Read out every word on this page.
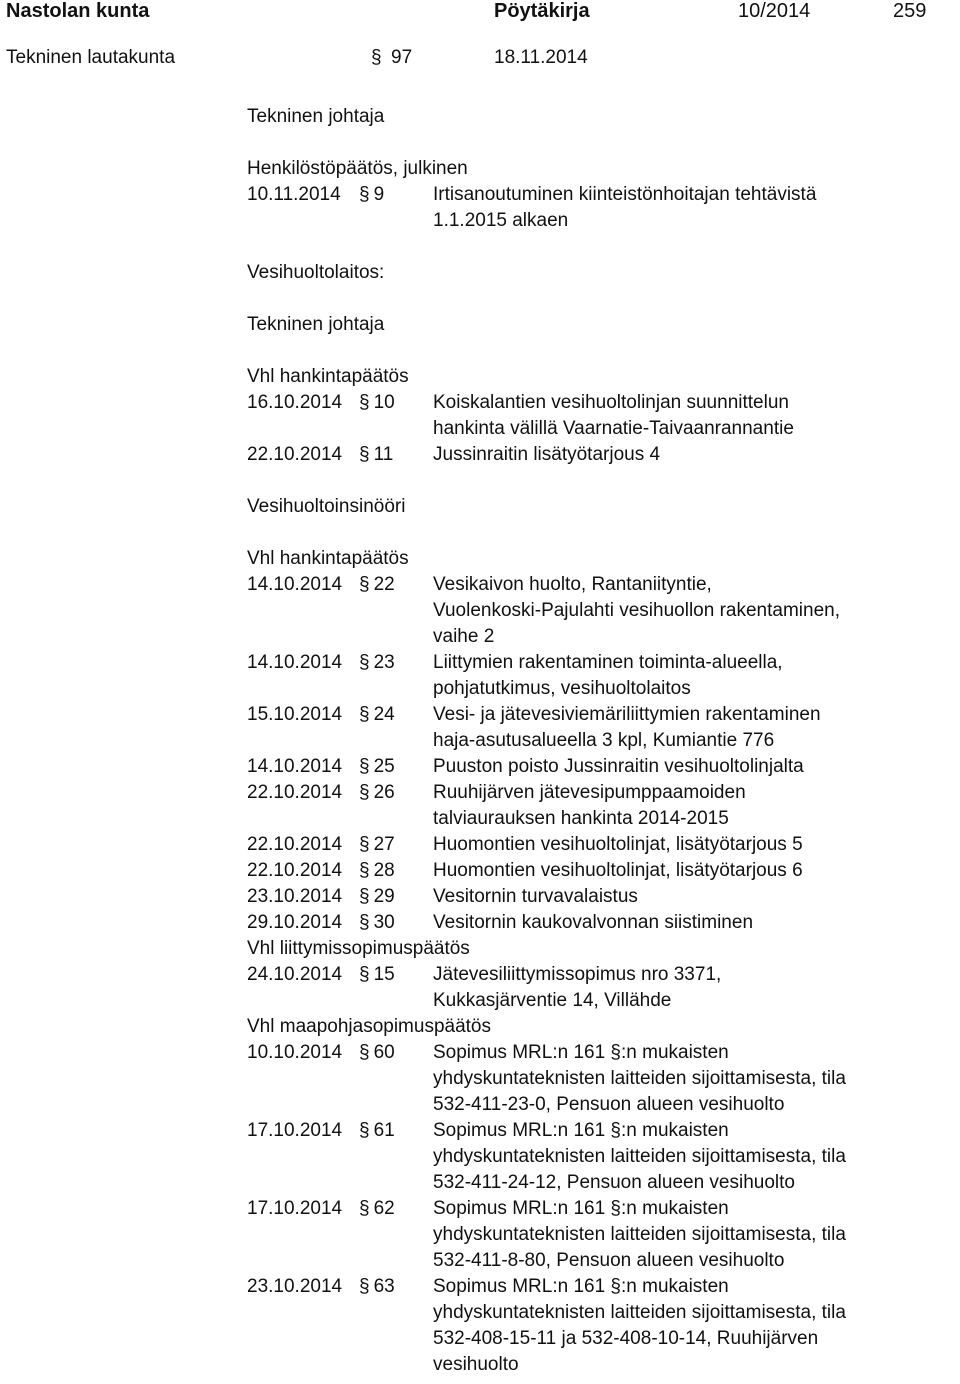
Nastolan kunta	Pöytäkirja	10/2014	259
Tekninen lautakunta	§ 97	18.11.2014
Tekninen johtaja
Henkilöstöpäätös, julkinen
10.11.2014 § 9	Irtisanoutuminen kiinteistönhoitajan tehtävistä
1.1.2015 alkaen
Vesihuoltolaitos:
Tekninen johtaja
Vhl hankintapäätös
16.10.2014 § 10	Koiskalantien vesihuoltolinjan suunnittelun
hankinta välillä Vaarnatie-Taivaanrannantie
22.10.2014 § 11	Jussinraitin lisätyötarjous 4
Vesihuoltoinsinööri
Vhl hankintapäätös
14.10.2014 § 22	Vesikaivon huolto, Rantaniityntie,
Vuolenkoski-Pajulahti vesihuollon rakentaminen,
vaihe 2
14.10.2014 § 23	Liittymien rakentaminen toiminta-alueella,
pohjatutkimus, vesihuoltolaitos
15.10.2014 § 24	Vesi- ja jätevesiviemäriliittymien rakentaminen
haja-asutusalueella 3 kpl, Kumiantie 776
14.10.2014 § 25	Puuston poisto Jussinraitin vesihuoltolinjalta
22.10.2014 § 26	Ruuhijärven jätevesipumppaamoiden
talviaurauksen hankinta 2014-2015
22.10.2014 § 27	Huomontien vesihuoltolinjat, lisätyötarjous 5
22.10.2014 § 28	Huomontien vesihuoltolinjat, lisätyötarjous 6
23.10.2014 § 29	Vesitornin turvavalaistus
29.10.2014 § 30	Vesitornin kaukovalvonnan siistiminen
Vhl liittymissopimuspäätös
24.10.2014 § 15	Jätevesiliittymissopimus nro 3371,
Kukkasjärventie 14, Villähde
Vhl maapohjasopimuspäätös
10.10.2014 § 60	Sopimus MRL:n 161 §:n mukaisten
yhdyskuntateknisten laitteiden sijoittamisesta, tila
532-411-23-0, Pensuon alueen vesihuolto
17.10.2014 § 61	Sopimus MRL:n 161 §:n mukaisten
yhdyskuntateknisten laitteiden sijoittamisesta, tila
532-411-24-12, Pensuon alueen vesihuolto
17.10.2014 § 62	Sopimus MRL:n 161 §:n mukaisten
yhdyskuntateknisten laitteiden sijoittamisesta, tila
532-411-8-80, Pensuon alueen vesihuolto
23.10.2014 § 63	Sopimus MRL:n 161 §:n mukaisten
yhdyskuntateknisten laitteiden sijoittamisesta, tila
532-408-15-11 ja 532-408-10-14, Ruuhijärven
vesihuolto
